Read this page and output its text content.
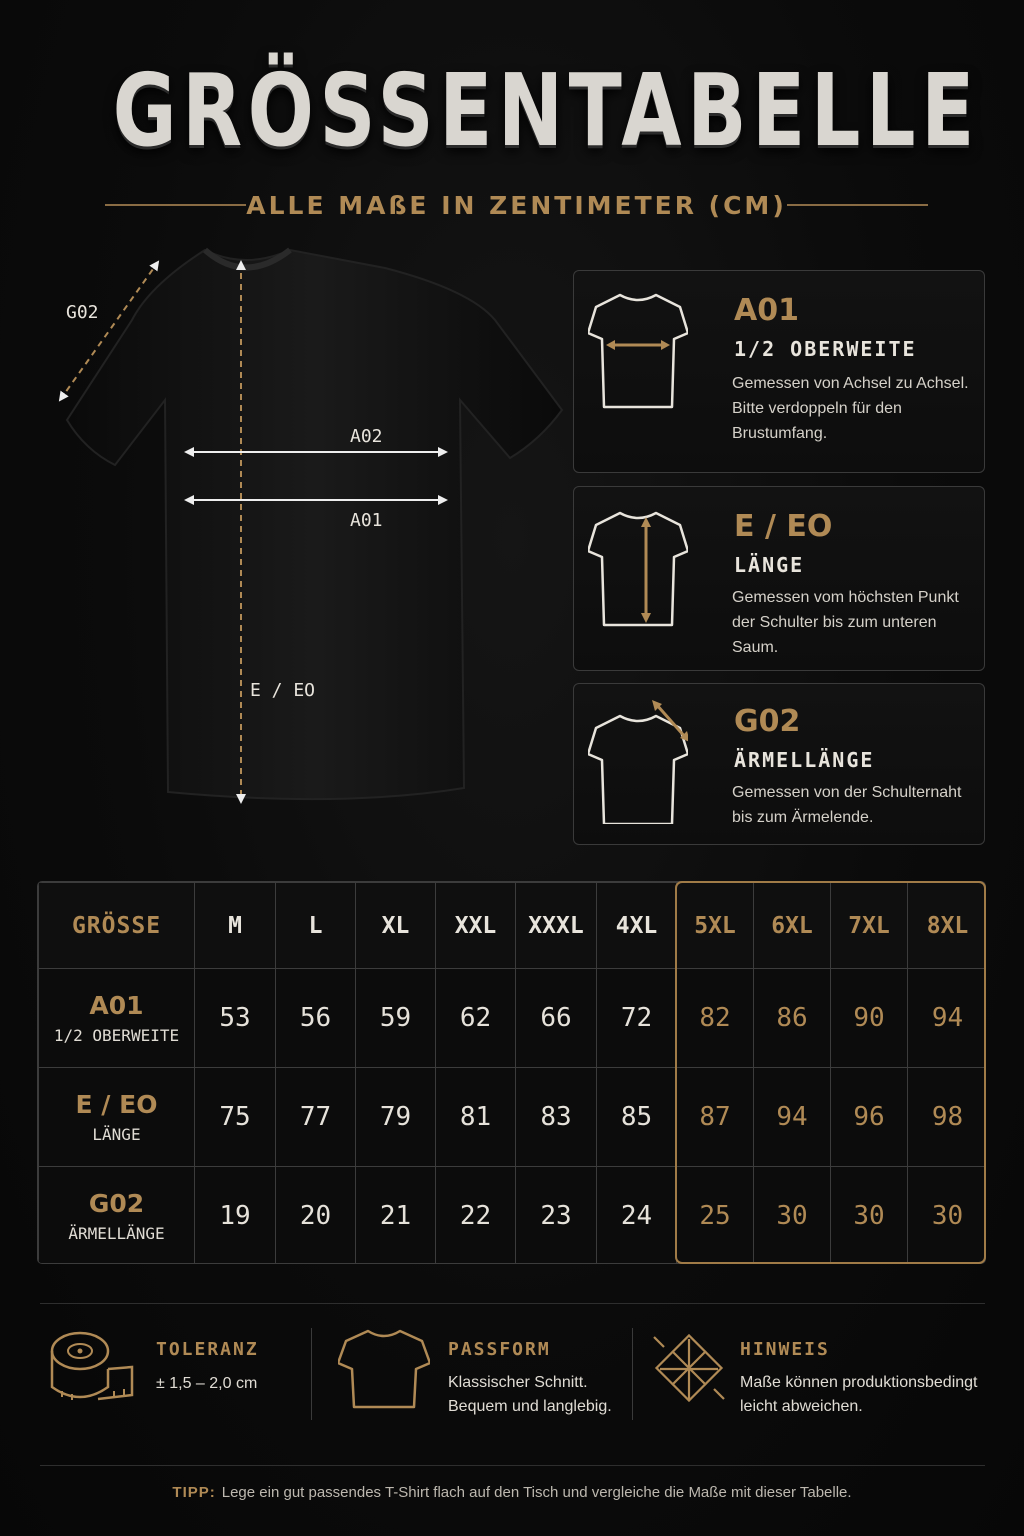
GRÖSSENTABELLE
ALLE MAßE IN ZENTIMETER (CM)
G02
A02
A01
E / EO
A01
1/2 OBERWEITE
Gemessen von Achsel zu Achsel.
Bitte verdoppeln für den
Brustumfang.
E / EO
LÄNGE
Gemessen vom höchsten Punkt
der Schulter bis zum unteren
Saum.
G02
ÄRMELLÄNGE
Gemessen von der Schulternaht
bis zum Ärmelende.
GRÖSSE	M	L	XL	XXL	XXXL	4XL	5XL	6XL	7XL	8XL

A01
1/2 OBERWEITE	53	56	59	62	66	72	82	86	90	94

E / EO
LÄNGE	75	77	79	81	83	85	87	94	96	98

G02
ÄRMELLÄNGE	19	20	21	22	23	24	25	30	30	30
TOLERANZ
± 1,5 – 2,0 cm
PASSFORM
Klassischer Schnitt.
Bequem und langlebig.
HINWEIS
Maße können produktionsbedingt
leicht abweichen.
TIPP: Lege ein gut passendes T-Shirt flach auf den Tisch und vergleiche die Maße mit dieser Tabelle.
